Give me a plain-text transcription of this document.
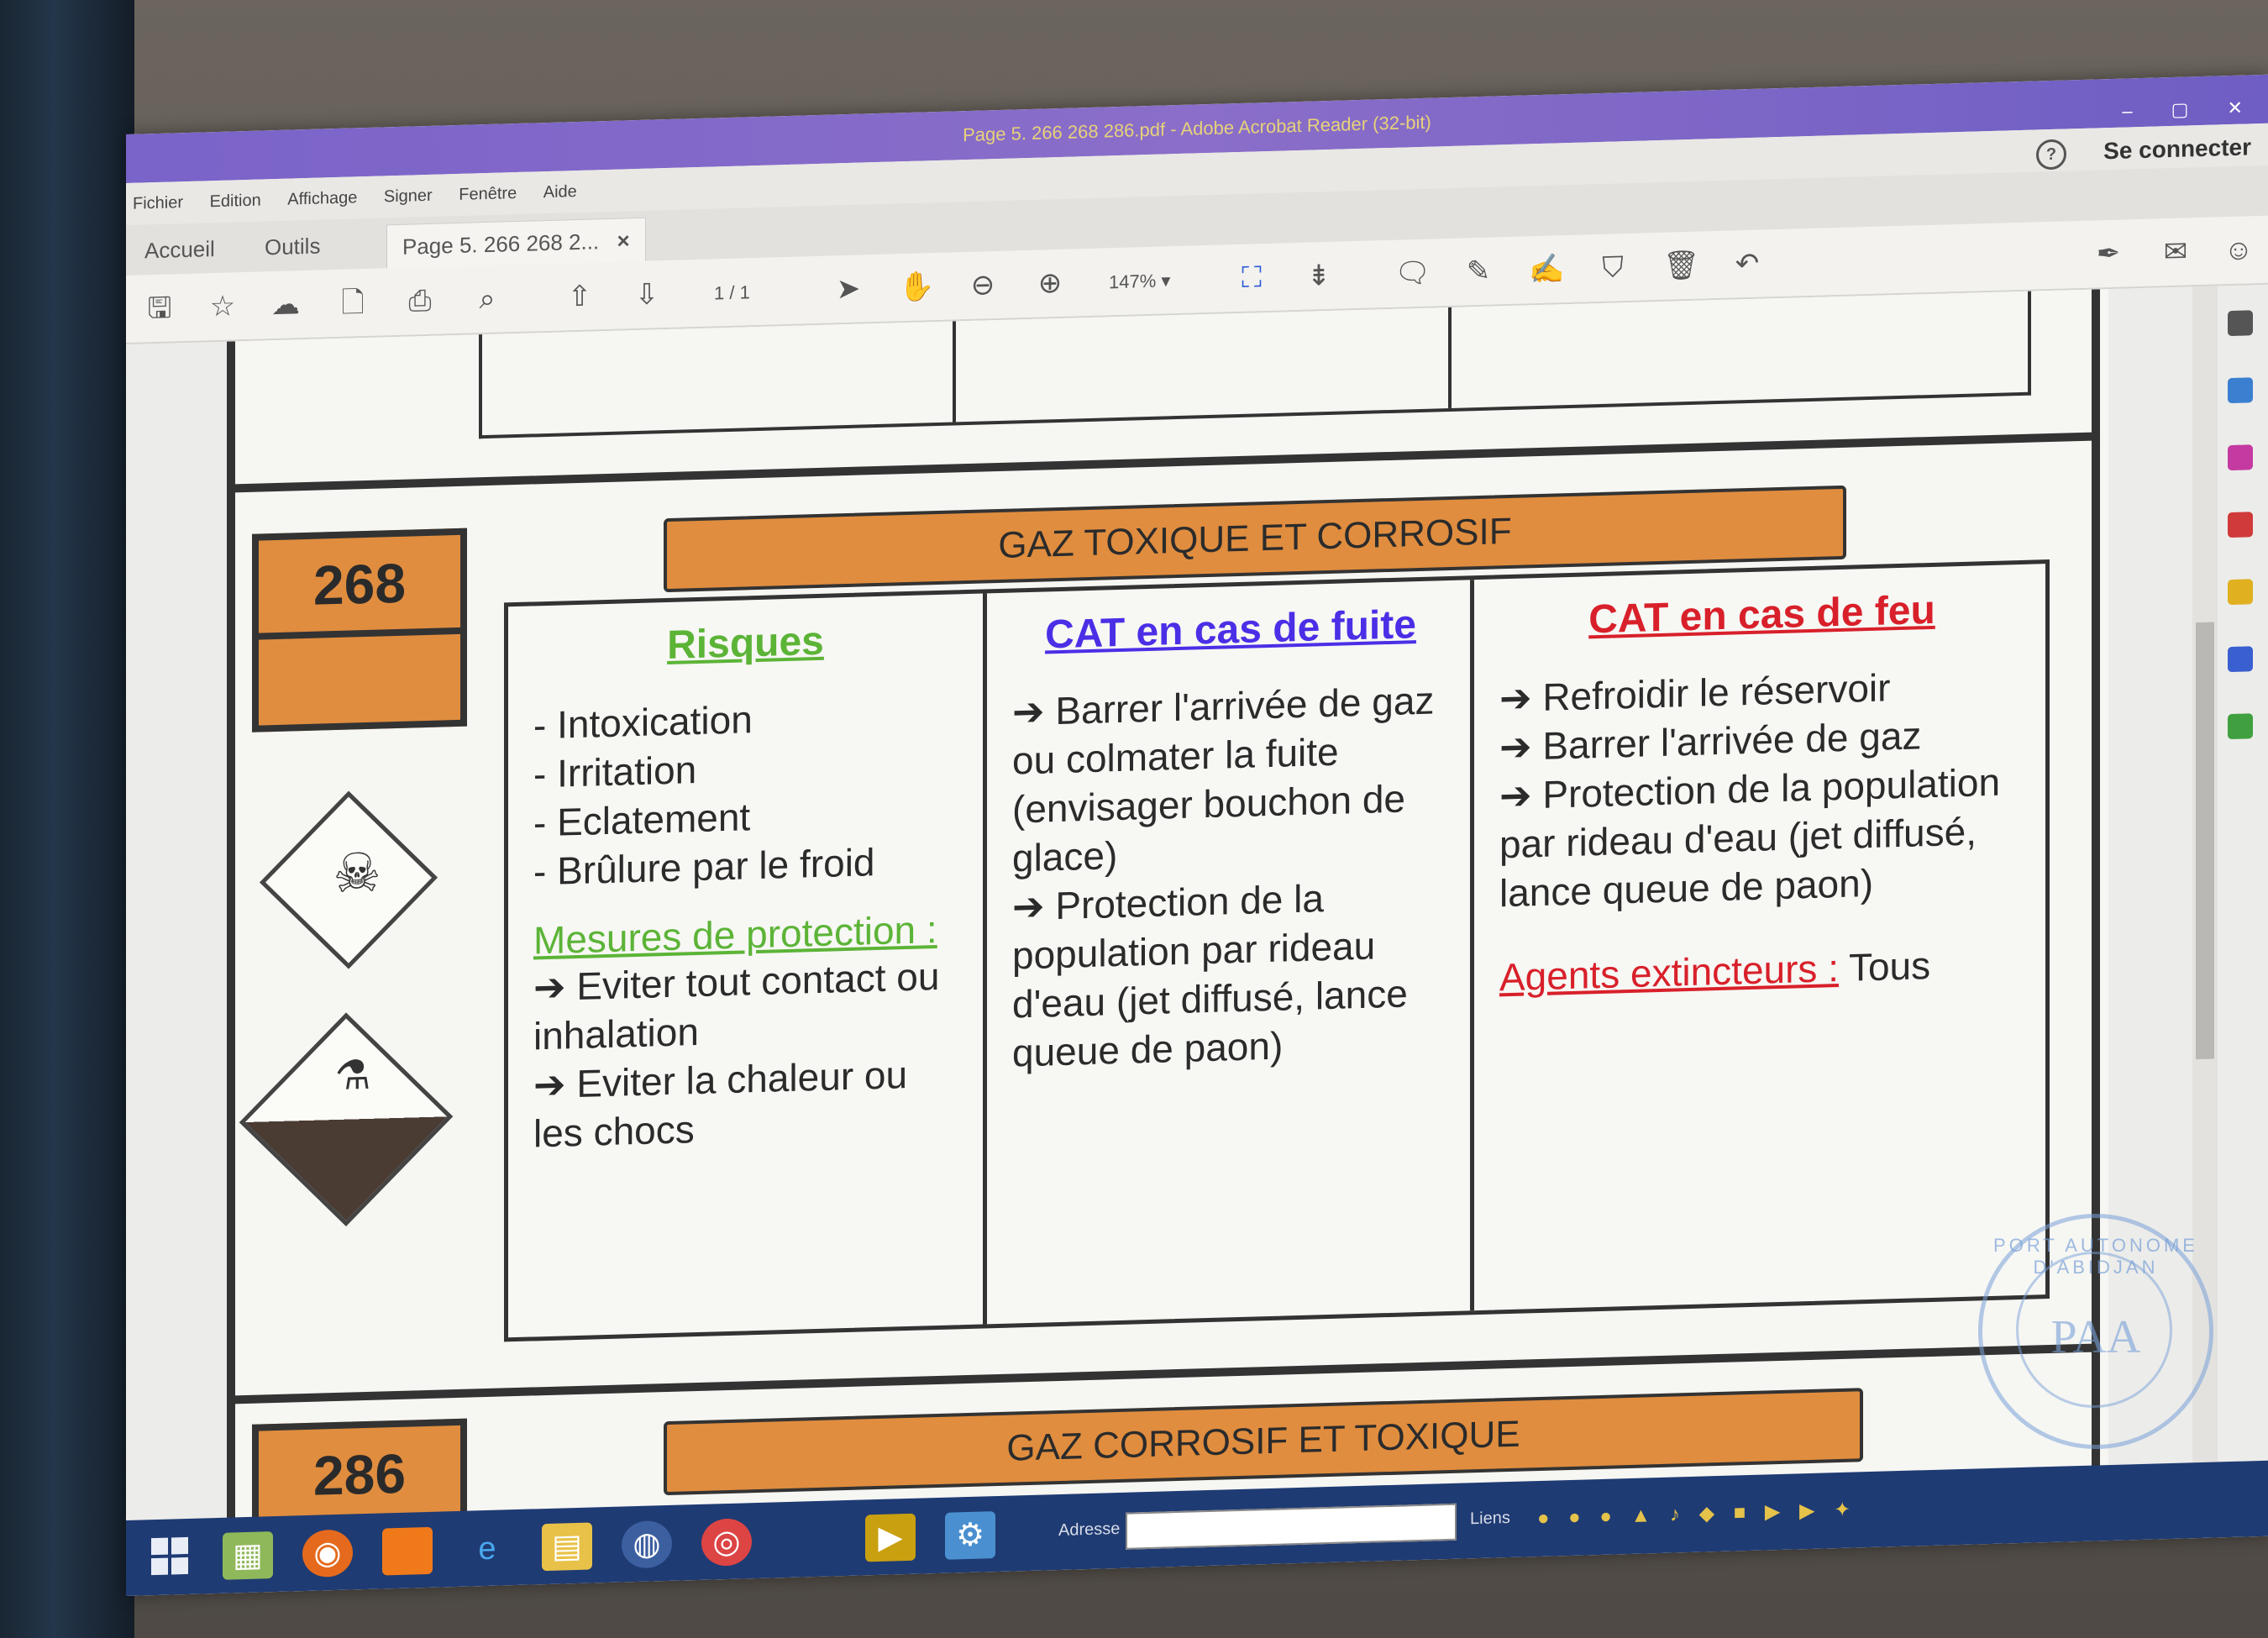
Page 5. 266 268 286.pdf - Adobe Acrobat Reader (32-bit)
– ▢ ✕
Fichier Edition Affichage Signer Fenêtre Aide
?	Se connecter
Accueil Outils	Page 5. 266 268 2... ×
🖫 ☆ ☁ 🗋 ⎙	⌕	⇧ ⇩	1 / 1	➤ ✋ ⊖ ⊕	147% ▾ ⛶ ⇟ 🗨 ✎ ✍ ⛉ 🗑 ↶	✒ ✉ ☺
268
GAZ TOXIQUE ET CORROSIF
☠
⚗
Risques
- Intoxication
- Irritation
- Eclatement
- Brûlure par le froid
Mesures de protection :
➔ Eviter tout contact ou inhalation
➔ Eviter la chaleur ou les chocs
CAT en cas de fuite
➔ Barrer l'arrivée de gaz ou colmater la fuite (envisager bouchon de glace)
➔ Protection de la population par rideau d'eau (jet diffusé, lance queue de paon)
CAT en cas de feu
➔ Refroidir le réservoir
➔ Barrer l'arrivée de gaz
➔ Protection de la population par rideau d'eau (jet diffusé, lance queue de paon)
Agents extincteurs : Tous
286
GAZ CORROSIF ET TOXIQUE
▦	◉	e	▤	◍	◎	▶	⚙	Adresse
Liens ● ● ● ▲ ♪ ◆ ■ ▶ ▶ ✦
PORT AUTONOME D'ABIDJAN
PAA
